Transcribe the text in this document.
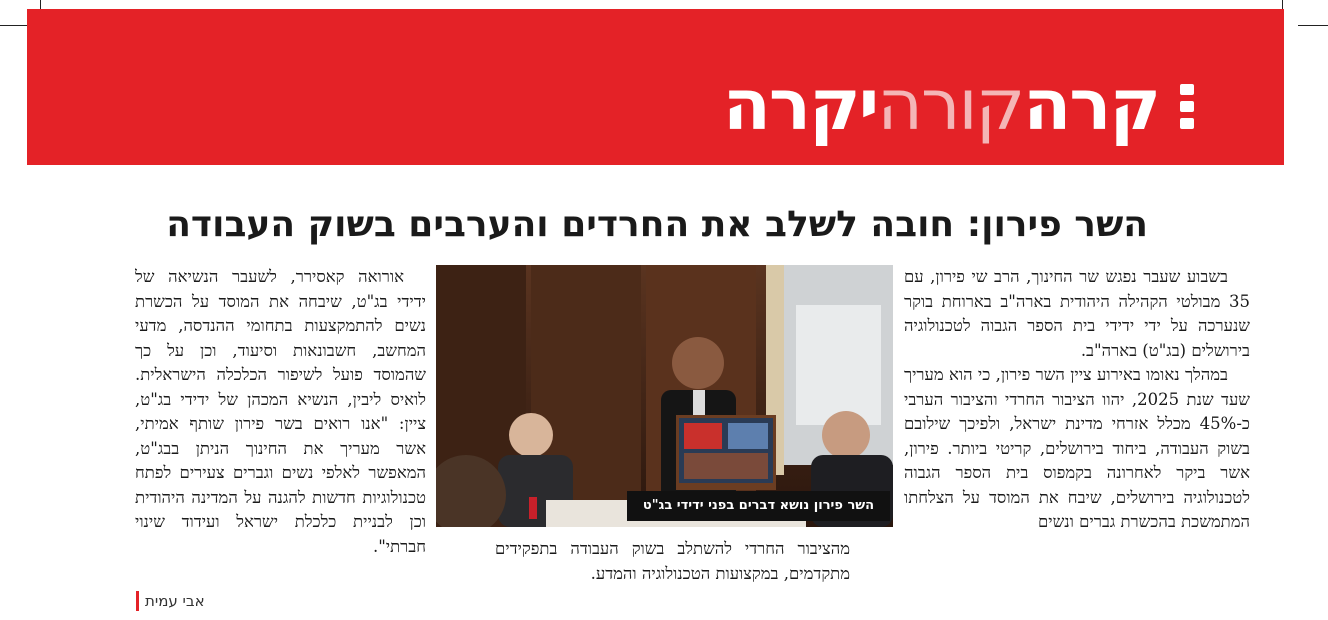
קרהקורהיקרה
השר פירון: חובה לשלב את החרדים והערבים בשוק העבודה

בשבוע שעבר נפגש שר החינוך, הרב שי פירון, עם 35 מבולטי הקהילה היהודית בארה"ב בארוחת בוקר שנערכה על ידי ידידי בית הספר הגבוה לטכנולוגיה בירושלים (בג"ט) בארה"ב.

במהלך נאומו באירוע ציין השר פירון, כי הוא מעריך שעד שנת 2025, יהוו הציבור החרדי והציבור הערבי כ-45% מכלל אזרחי מדינת ישראל, ולפיכך שילובם בשוק העבודה, ביחוד בירושלים, קריטי ביותר. פירון, אשר ביקר לאחרונה בקמפוס בית הספר הגבוה לטכנולוגיה בירושלים, שיבח את המוסד על הצלחתו המתמשכת בהכשרת גברים ונשים

השר פירון נושא דברים בפני ידידי בג"ט

מהציבור החרדי להשתלב בשוק העבודה בתפקידים מתקדמים, במקצועות הטכנולוגיה והמדע.

אורואה קאסירר, לשעבר הנשיאה של ידידי בג"ט, שיבחה את המוסד על הכשרת נשים להתמקצעות בתחומי ההנדסה, מדעי המחשב, חשבונאות וסיעוד, וכן על כך שהמוסד פועל לשיפור הכלכלה הישראלית. לואיס ליבין, הנשיא המכהן של ידידי בג"ט, ציין: "אנו רואים בשר פירון שותף אמיתי, אשר מעריך את החינוך הניתן בבג"ט, המאפשר לאלפי נשים וגברים צעירים לפתח טכנולוגיות חדשות להגנה על המדינה היהודית וכן לבניית כלכלת ישראל ועידוד שינוי חברתי".

אבי עמית
